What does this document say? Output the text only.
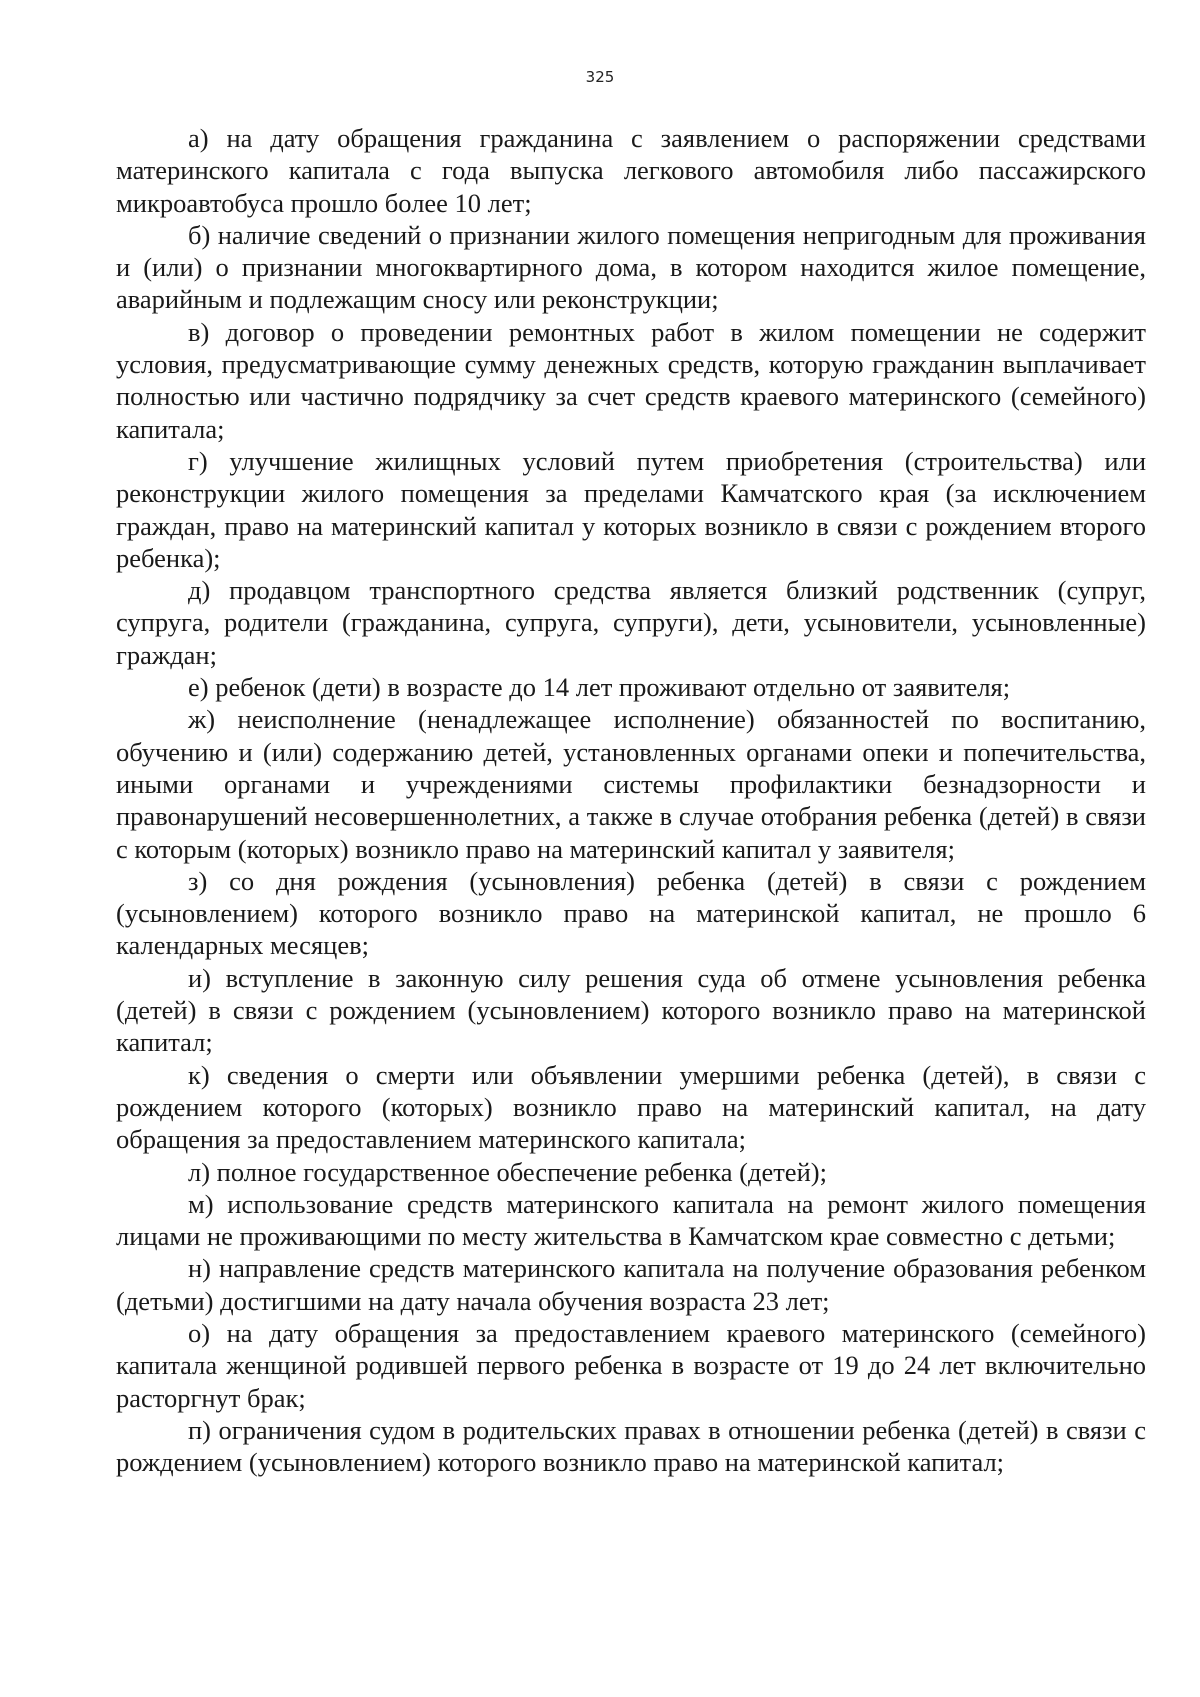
325

а) на дату обращения гражданина с заявлением о распоряжении средствами материнского капитала с года выпуска легкового автомобиля либо пассажирского микроавтобуса прошло более 10 лет;

б) наличие сведений о признании жилого помещения непригодным для проживания и (или) о признании многоквартирного дома, в котором находится жилое помещение, аварийным и подлежащим сносу или реконструкции;

в) договор о проведении ремонтных работ в жилом помещении не содержит условия, предусматривающие сумму денежных средств, которую гражданин выплачивает полностью или частично подрядчику за счет средств краевого материнского (семейного) капитала;

г) улучшение жилищных условий путем приобретения (строительства) или реконструкции жилого помещения за пределами Камчатского края (за исключением граждан, право на материнский капитал у которых возникло в связи с рождением второго ребенка);

д) продавцом транспортного средства является близкий родственник (супруг, супруга, родители (гражданина, супруга, супруги), дети, усыновители, усыновленные) граждан;

е) ребенок (дети) в возрасте до 14 лет проживают отдельно от заявителя;

ж) неисполнение (ненадлежащее исполнение) обязанностей по воспитанию, обучению и (или) содержанию детей, установленных органами опеки и попечительства, иными органами и учреждениями системы профилактики безнадзорности и правонарушений несовершеннолетних, а также в случае отобрания ребенка (детей) в связи с которым (которых) возникло право на материнский капитал у заявителя;

з) со дня рождения (усыновления) ребенка (детей) в связи с рождением (усыновлением) которого возникло право на материнской капитал, не прошло 6 календарных месяцев;

и) вступление в законную силу решения суда об отмене усыновления ребенка (детей) в связи с рождением (усыновлением) которого возникло право на материнской капитал;

к) сведения о смерти или объявлении умершими ребенка (детей), в связи с рождением которого (которых) возникло право на материнский капитал, на дату обращения за предоставлением материнского капитала;

л) полное государственное обеспечение ребенка (детей);

м) использование средств материнского капитала на ремонт жилого помещения лицами не проживающими по месту жительства в Камчатском крае совместно с детьми;

н) направление средств материнского капитала на получение образования ребенком (детьми) достигшими на дату начала обучения возраста 23 лет;

о) на дату обращения за предоставлением краевого материнского (семейного) капитала женщиной родившей первого ребенка в возрасте от 19 до 24 лет включительно расторгнут брак;

п) ограничения судом в родительских правах в отношении ребенка (детей) в связи с рождением (усыновлением) которого возникло право на материнской капитал;
